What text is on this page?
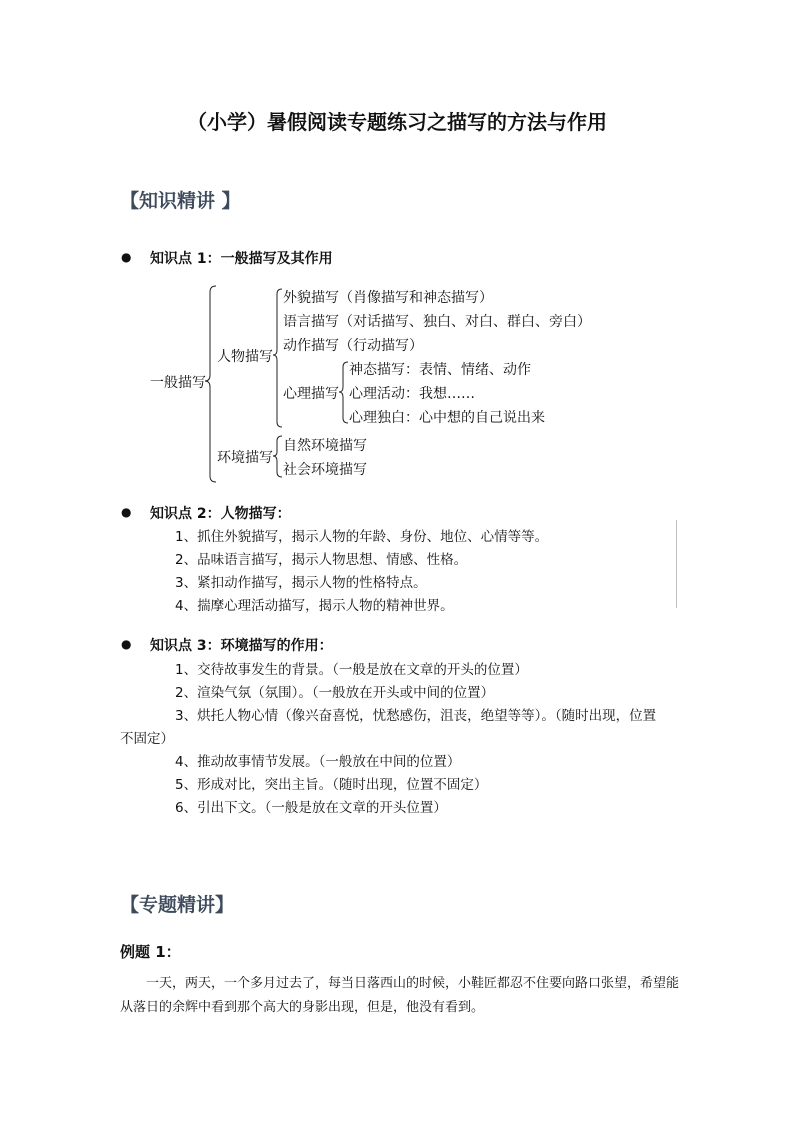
（小学）暑假阅读专题练习之描写的方法与作用
【知识精讲 】
● 知识点 1：一般描写及其作用
一般描写
人物描写
外貌描写（肖像描写和神态描写）
语言描写（对话描写、独白、对白、群白、旁白）
动作描写（行动描写）
心理描写
神态描写：表情、情绪、动作
心理活动：我想……
心理独白：心中想的自己说出来
环境描写
自然环境描写
社会环境描写
● 知识点 2：人物描写：
1、抓住外貌描写，揭示人物的年龄、身份、地位、心情等等。
2、品味语言描写，揭示人物思想、情感、性格。
3、紧扣动作描写，揭示人物的性格特点。
4、揣摩心理活动描写，揭示人物的精神世界。
● 知识点 3：环境描写的作用：
1、交待故事发生的背景。（一般是放在文章的开头的位置）
2、渲染气氛（氛围）。（一般放在开头或中间的位置）
3、烘托人物心情（像兴奋喜悦，忧愁感伤，沮丧，绝望等等）。（随时出现，位置
不固定）
4、推动故事情节发展。（一般放在中间的位置）
5、形成对比，突出主旨。（随时出现，位置不固定）
6、引出下文。（一般是放在文章的开头位置）
【专题精讲】
例题 1：
一天，两天，一个多月过去了，每当日落西山的时候，小鞋匠都忍不住要向路口张望，希望能从落日的余辉中看到那个高大的身影出现，但是，他没有看到。
